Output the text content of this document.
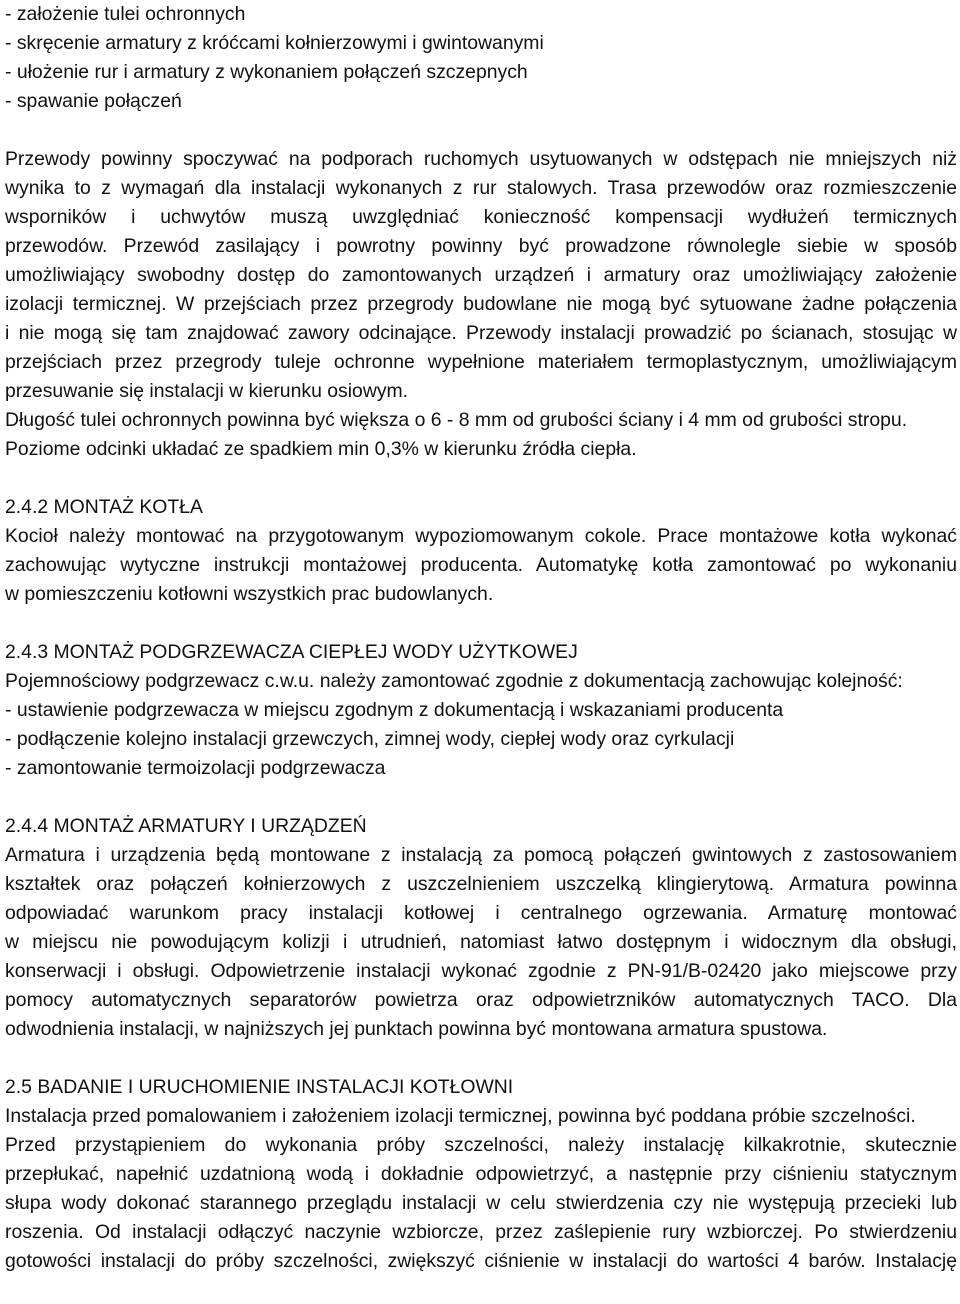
- założenie tulei ochronnych
- skręcenie armatury z króćcami kołnierzowymi i gwintowanymi
- ułożenie rur i armatury z wykonaniem połączeń szczepnych
- spawanie połączeń
Przewody powinny spoczywać na podporach ruchomych usytuowanych w odstępach nie mniejszych niż
wynika to z wymagań dla instalacji wykonanych z rur stalowych. Trasa przewodów oraz rozmieszczenie
wsporników i uchwytów muszą uwzględniać konieczność kompensacji wydłużeń termicznych
przewodów. Przewód zasilający i powrotny powinny być prowadzone równolegle siebie w sposób
umożliwiający swobodny dostęp do zamontowanych urządzeń i armatury oraz umożliwiający założenie
izolacji termicznej. W przejściach przez przegrody budowlane nie mogą być sytuowane żadne połączenia
i nie mogą się tam znajdować zawory odcinające. Przewody instalacji prowadzić po ścianach, stosując w
przejściach przez przegrody tuleje ochronne wypełnione materiałem termoplastycznym, umożliwiającym
przesuwanie się instalacji w kierunku osiowym.
Długość tulei ochronnych powinna być większa o 6 - 8 mm od grubości ściany i 4 mm od grubości stropu.
Poziome odcinki układać ze spadkiem min 0,3% w kierunku źródła ciepła.
2.4.2 MONTAŻ KOTŁA
Kocioł należy montować na przygotowanym wypoziomowanym cokole. Prace montażowe kotła wykonać
zachowując wytyczne instrukcji montażowej producenta. Automatykę kotła zamontować po wykonaniu
w pomieszczeniu kotłowni wszystkich prac budowlanych.
2.4.3 MONTAŻ PODGRZEWACZA CIEPŁEJ WODY UŻYTKOWEJ
Pojemnościowy podgrzewacz c.w.u. należy zamontować zgodnie z dokumentacją zachowując kolejność:
- ustawienie podgrzewacza w miejscu zgodnym z dokumentacją i wskazaniami producenta
- podłączenie kolejno instalacji grzewczych, zimnej wody, ciepłej wody oraz cyrkulacji
- zamontowanie termoizolacji podgrzewacza
2.4.4 MONTAŻ ARMATURY I URZĄDZEŃ
Armatura i urządzenia będą montowane z instalacją za pomocą połączeń gwintowych z zastosowaniem
kształtek oraz połączeń kołnierzowych z uszczelnieniem uszczelką klingierytową. Armatura powinna
odpowiadać warunkom pracy instalacji kotłowej i centralnego ogrzewania. Armaturę montować
w miejscu nie powodującym kolizji i utrudnień, natomiast łatwo dostępnym i widocznym dla obsługi,
konserwacji i obsługi. Odpowietrzenie instalacji wykonać zgodnie z PN-91/B-02420 jako miejscowe przy
pomocy automatycznych separatorów powietrza oraz odpowietrzników automatycznych TACO. Dla
odwodnienia instalacji, w najniższych jej punktach powinna być montowana armatura spustowa.
2.5 BADANIE I URUCHOMIENIE INSTALACJI KOTŁOWNI
Instalacja przed pomalowaniem i założeniem izolacji termicznej, powinna być poddana próbie szczelności.
Przed przystąpieniem do wykonania próby szczelności, należy instalację kilkakrotnie, skutecznie
przepłukać, napełnić uzdatnioną wodą i dokładnie odpowietrzyć, a następnie przy ciśnieniu statycznym
słupa wody dokonać starannego przeglądu instalacji w celu stwierdzenia czy nie występują przecieki lub
roszenia. Od instalacji odłączyć naczynie wzbiorcze, przez zaślepienie rury wzbiorczej. Po stwierdzeniu
gotowości instalacji do próby szczelności, zwiększyć ciśnienie w instalacji do wartości 4 barów. Instalację
